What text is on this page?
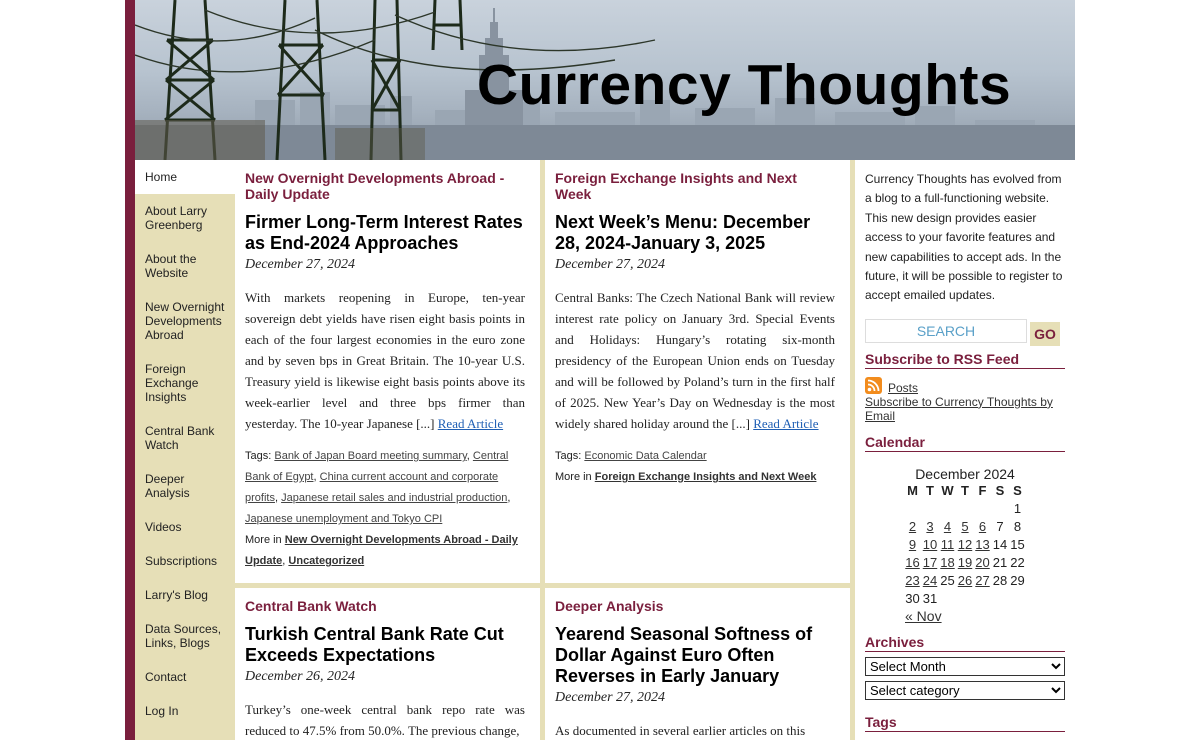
Currency Thoughts
Home
About Larry Greenberg
About the Website
New Overnight Developments Abroad
Foreign Exchange Insights
Central Bank Watch
Deeper Analysis
Videos
Subscriptions
Larry's Blog
Data Sources, Links, Blogs
Contact
Log In
New Overnight Developments Abroad - Daily Update
Firmer Long-Term Interest Rates as End-2024 Approaches
December 27, 2024
With markets reopening in Europe, ten-year sovereign debt yields have risen eight basis points in each of the four largest economies in the euro zone and by seven bps in Great Britain. The 10-year U.S. Treasury yield is likewise eight basis points above its week-earlier level and three bps firmer than yesterday. The 10-year Japanese [...] Read Article
Tags: Bank of Japan Board meeting summary, Central Bank of Egypt, China current account and corporate profits, Japanese retail sales and industrial production, Japanese unemployment and Tokyo CPI
More in New Overnight Developments Abroad - Daily Update, Uncategorized
Foreign Exchange Insights and Next Week
Next Week’s Menu: December 28, 2024-January 3, 2025
December 27, 2024
Central Banks: The Czech National Bank will review interest rate policy on January 3rd. Special Events and Holidays: Hungary’s rotating six-month presidency of the European Union ends on Tuesday and will be followed by Poland’s turn in the first half of 2025. New Year’s Day on Wednesday is the most widely shared holiday around the [...] Read Article
Tags: Economic Data Calendar
More in Foreign Exchange Insights and Next Week
Central Bank Watch
Turkish Central Bank Rate Cut Exceeds Expectations
December 26, 2024
Turkey’s one-week central bank repo rate was reduced to 47.5% from 50.0%. The previous change,
Deeper Analysis
Yearend Seasonal Softness of Dollar Against Euro Often Reverses in Early January
December 27, 2024
As documented in several earlier articles on this
Currency Thoughts has evolved from a blog to a full-functioning website. This new design provides easier access to your favorite features and new capabilities to accept ads. In the future, it will be possible to register to accept emailed updates.
SEARCH	GO
Subscribe to RSS Feed
Posts
Subscribe to Currency Thoughts by Email
Calendar
December 2024
M	T	W	T	F	S	S
						1
2	3	4	5	6	7	8
9	10	11	12	13	14	15
16	17	18	19	20	21	22
23	24	25	26	27	28	29
30	31					
« Nov
Archives
Select Month
Select category
Tags
